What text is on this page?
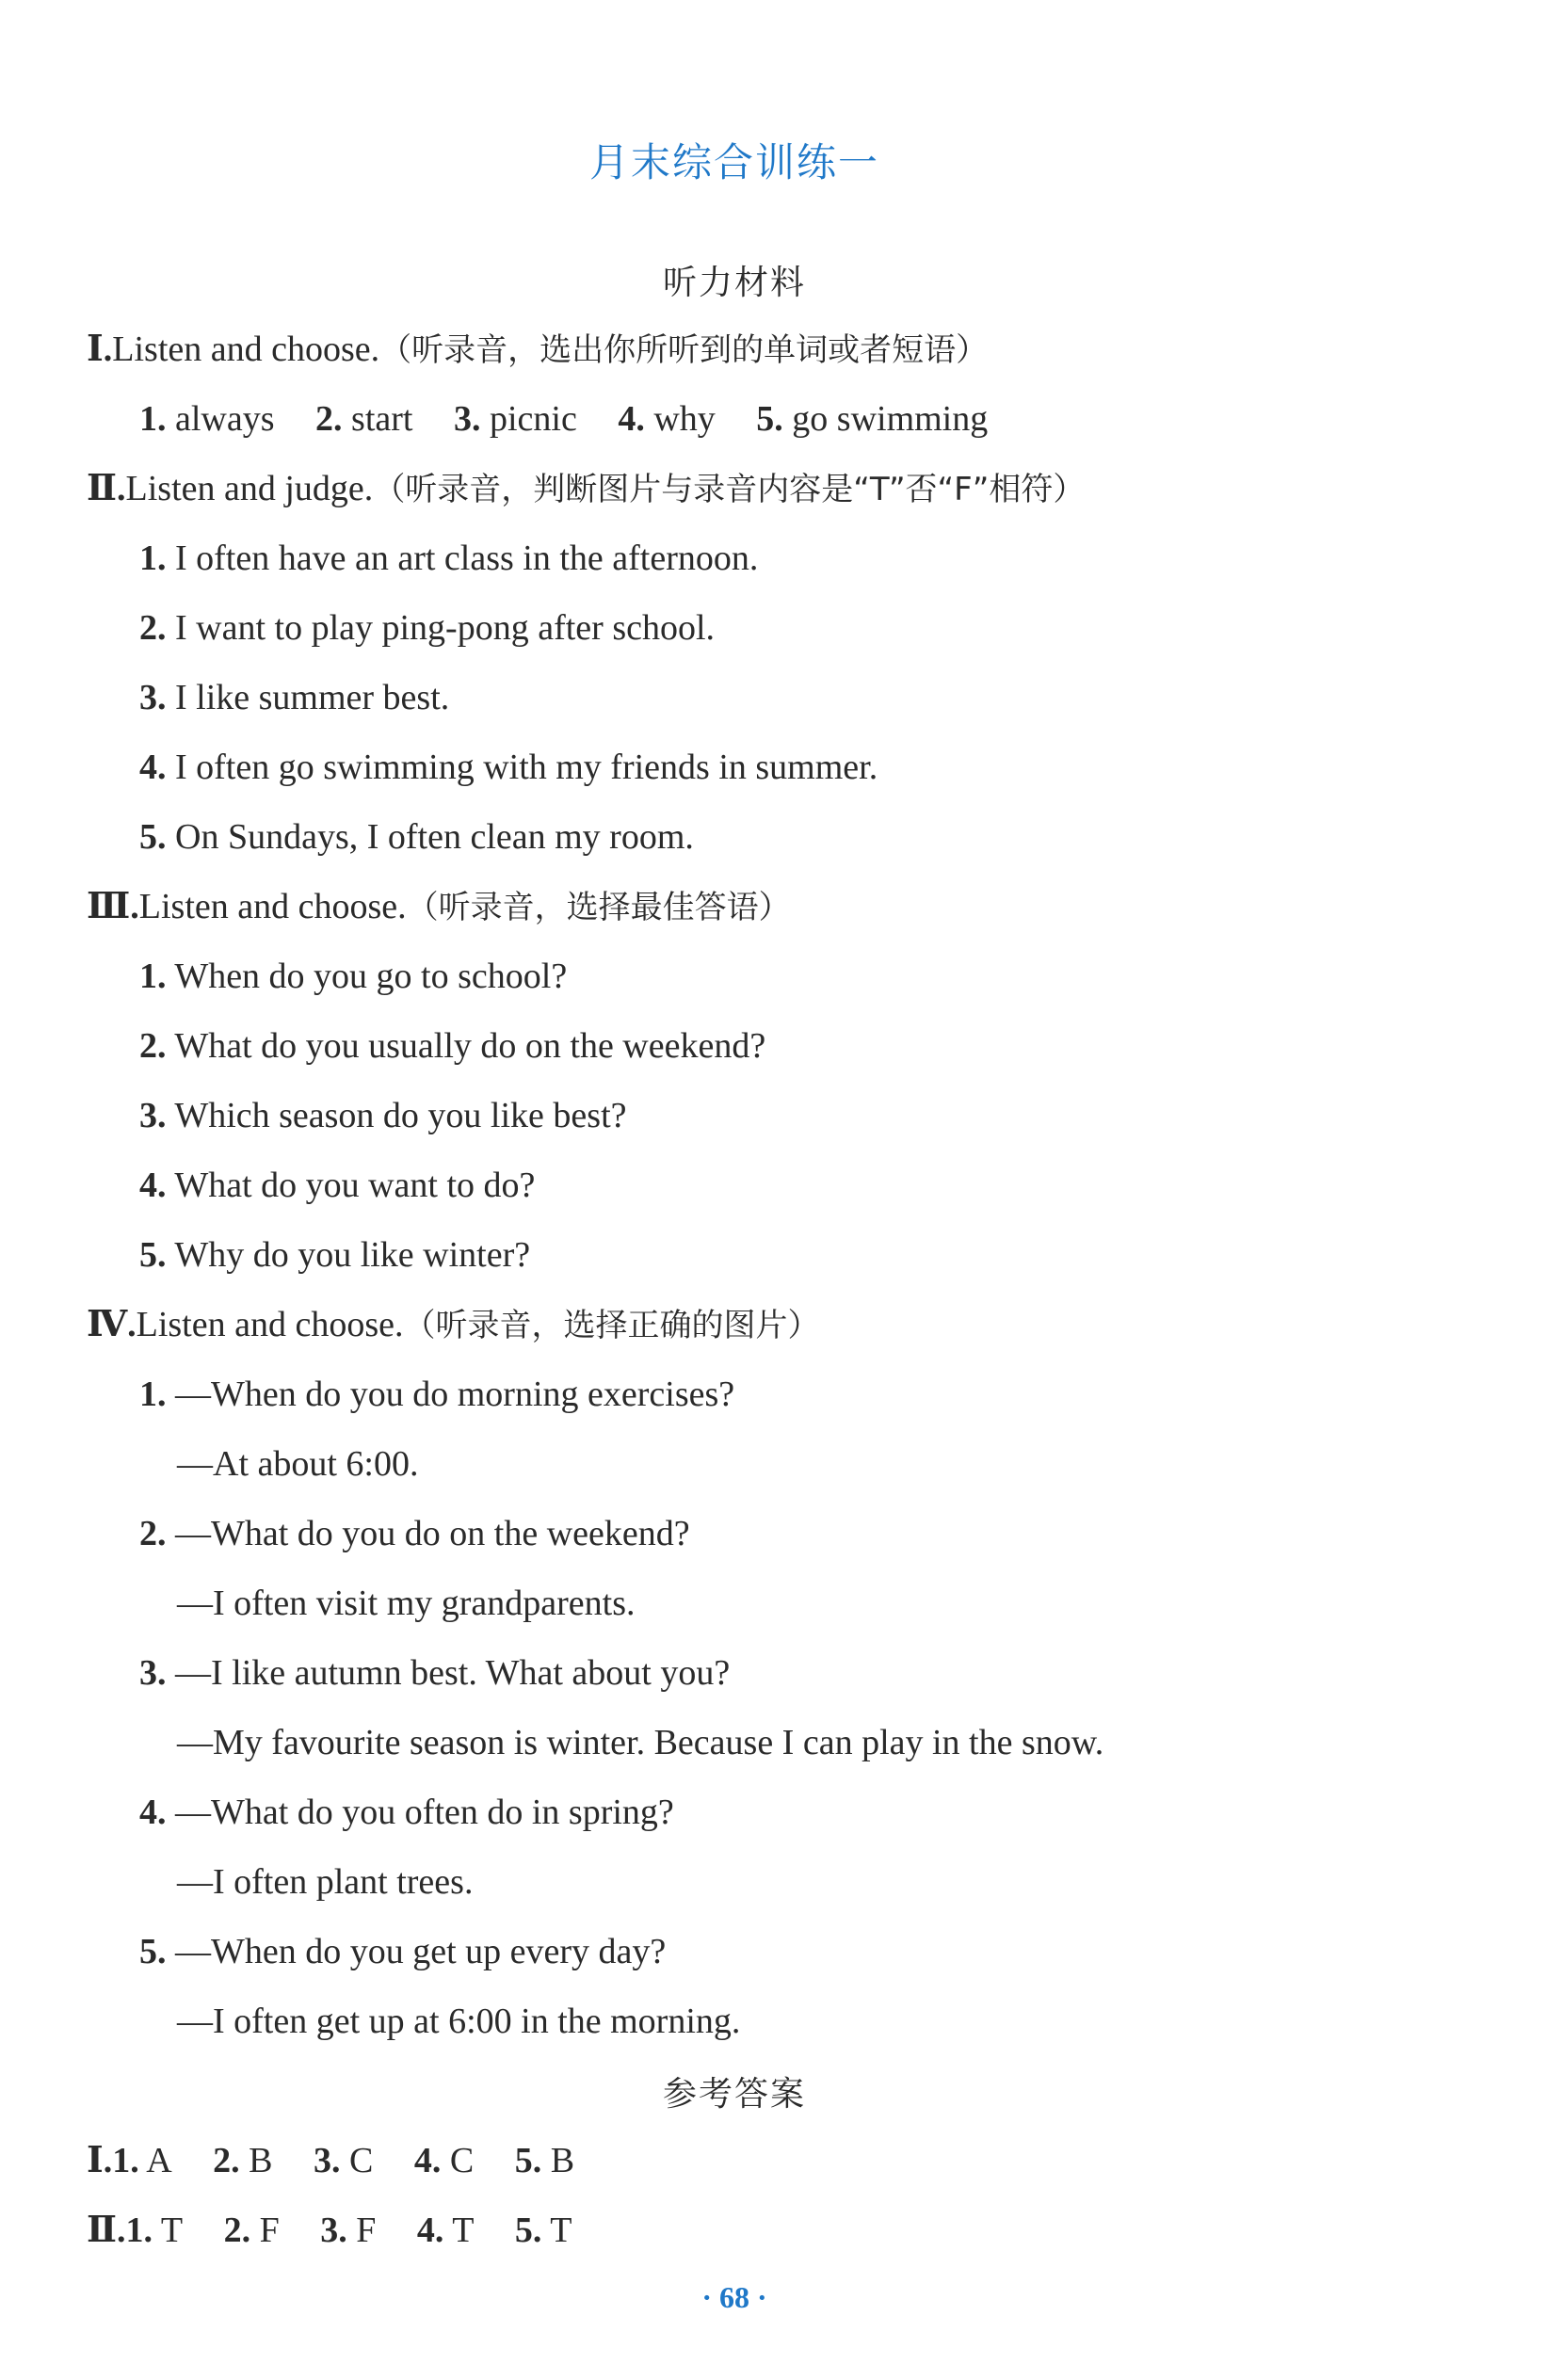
月末综合训练一
听力材料
Ⅰ.Listen and choose.（听录音，选出你所听到的单词或者短语）
1. always 2. start 3. picnic 4. why 5. go swimming
Ⅱ.Listen and judge.（听录音，判断图片与录音内容是“T”否“F”相符）
1. I often have an art class in the afternoon.
2. I want to play ping-pong after school.
3. I like summer best.
4. I often go swimming with my friends in summer.
5. On Sundays, I often clean my room.
Ⅲ.Listen and choose.（听录音，选择最佳答语）
1. When do you go to school?
2. What do you usually do on the weekend?
3. Which season do you like best?
4. What do you want to do?
5. Why do you like winter?
Ⅳ.Listen and choose.（听录音，选择正确的图片）
1. —When do you do morning exercises?
—At about 6:00.
2. —What do you do on the weekend?
—I often visit my grandparents.
3. —I like autumn best. What about you?
—My favourite season is winter. Because I can play in the snow.
4. —What do you often do in spring?
—I often plant trees.
5. —When do you get up every day?
—I often get up at 6:00 in the morning.
参考答案
Ⅰ.1. A 2. B 3. C 4. C 5. B
Ⅱ.1. T 2. F 3. F 4. T 5. T
· 68 ·
